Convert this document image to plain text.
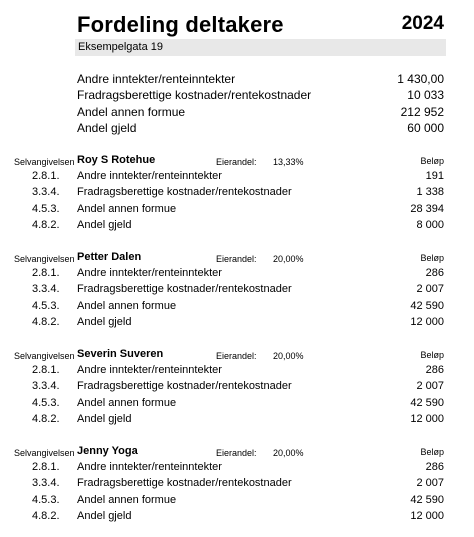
Fordeling deltakere	2024
Eksempelgata 19
Andre inntekter/renteinntekter	1 430,00
Fradragsberettige kostnader/rentekostnader	10 033
Andel annen formue	212 952
Andel gjeld	60 000
Selvangivelsen Roy S Rotehue	Eierandel: 13,33%	Beløp
2.8.1. Andre inntekter/renteinntekter	191
3.3.4. Fradragsberettige kostnader/rentekostnader	1 338
4.5.3. Andel annen formue	28 394
4.8.2. Andel gjeld	8 000
Selvangivelsen Petter Dalen	Eierandel: 20,00%	Beløp
2.8.1. Andre inntekter/renteinntekter	286
3.3.4. Fradragsberettige kostnader/rentekostnader	2 007
4.5.3. Andel annen formue	42 590
4.8.2. Andel gjeld	12 000
Selvangivelsen Severin Suveren	Eierandel: 20,00%	Beløp
2.8.1. Andre inntekter/renteinntekter	286
3.3.4. Fradragsberettige kostnader/rentekostnader	2 007
4.5.3. Andel annen formue	42 590
4.8.2. Andel gjeld	12 000
Selvangivelsen Jenny Yoga	Eierandel: 20,00%	Beløp
2.8.1. Andre inntekter/renteinntekter	286
3.3.4. Fradragsberettige kostnader/rentekostnader	2 007
4.5.3. Andel annen formue	42 590
4.8.2. Andel gjeld	12 000
